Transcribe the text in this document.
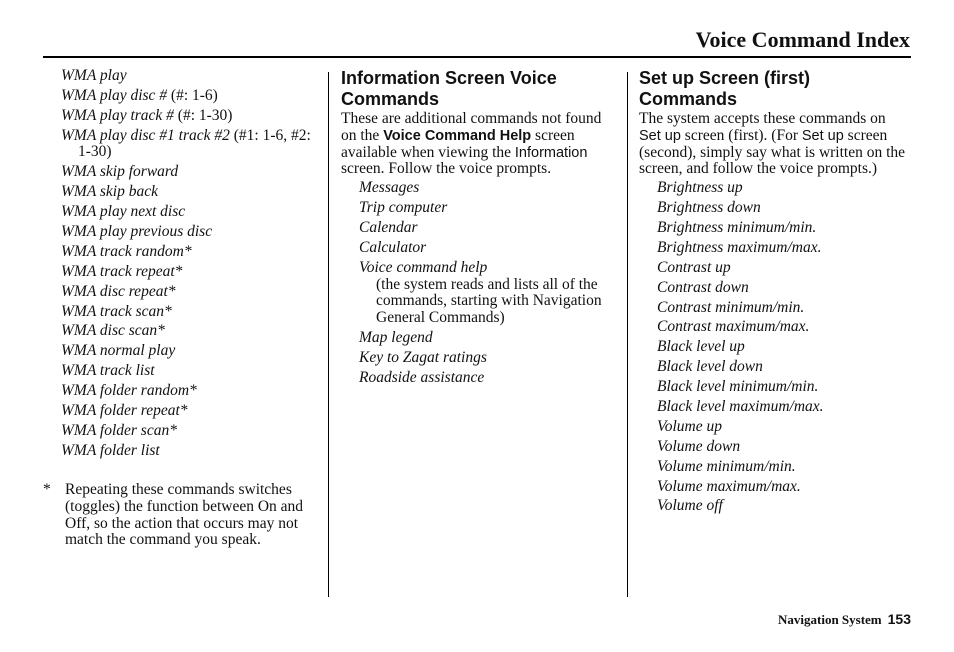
Voice Command Index
WMA play
WMA play disc # (#: 1-6)
WMA play track # (#: 1-30)
WMA play disc #1 track #2 (#1: 1-6, #2: 1-30)
WMA skip forward
WMA skip back
WMA play next disc
WMA play previous disc
WMA track random*
WMA track repeat*
WMA disc repeat*
WMA track scan*
WMA disc scan*
WMA normal play
WMA track list
WMA folder random*
WMA folder repeat*
WMA folder scan*
WMA folder list
* Repeating these commands switches (toggles) the function between On and Off, so the action that occurs may not match the command you speak.
Information Screen Voice Commands

These are additional commands not found on the Voice Command Help screen available when viewing the Information screen. Follow the voice prompts.

Messages
Trip computer
Calendar
Calculator
Voice command help
(the system reads and lists all of the commands, starting with Navigation General Commands)
Map legend
Key to Zagat ratings
Roadside assistance
Set up Screen (first) Commands

The system accepts these commands on Set up screen (first). (For Set up screen (second), simply say what is written on the screen, and follow the voice prompts.)

Brightness up
Brightness down
Brightness minimum/min.
Brightness maximum/max.
Contrast up
Contrast down
Contrast minimum/min.
Contrast maximum/max.
Black level up
Black level down
Black level minimum/min.
Black level maximum/max.
Volume up
Volume down
Volume minimum/min.
Volume maximum/max.
Volume off
Navigation System 153
